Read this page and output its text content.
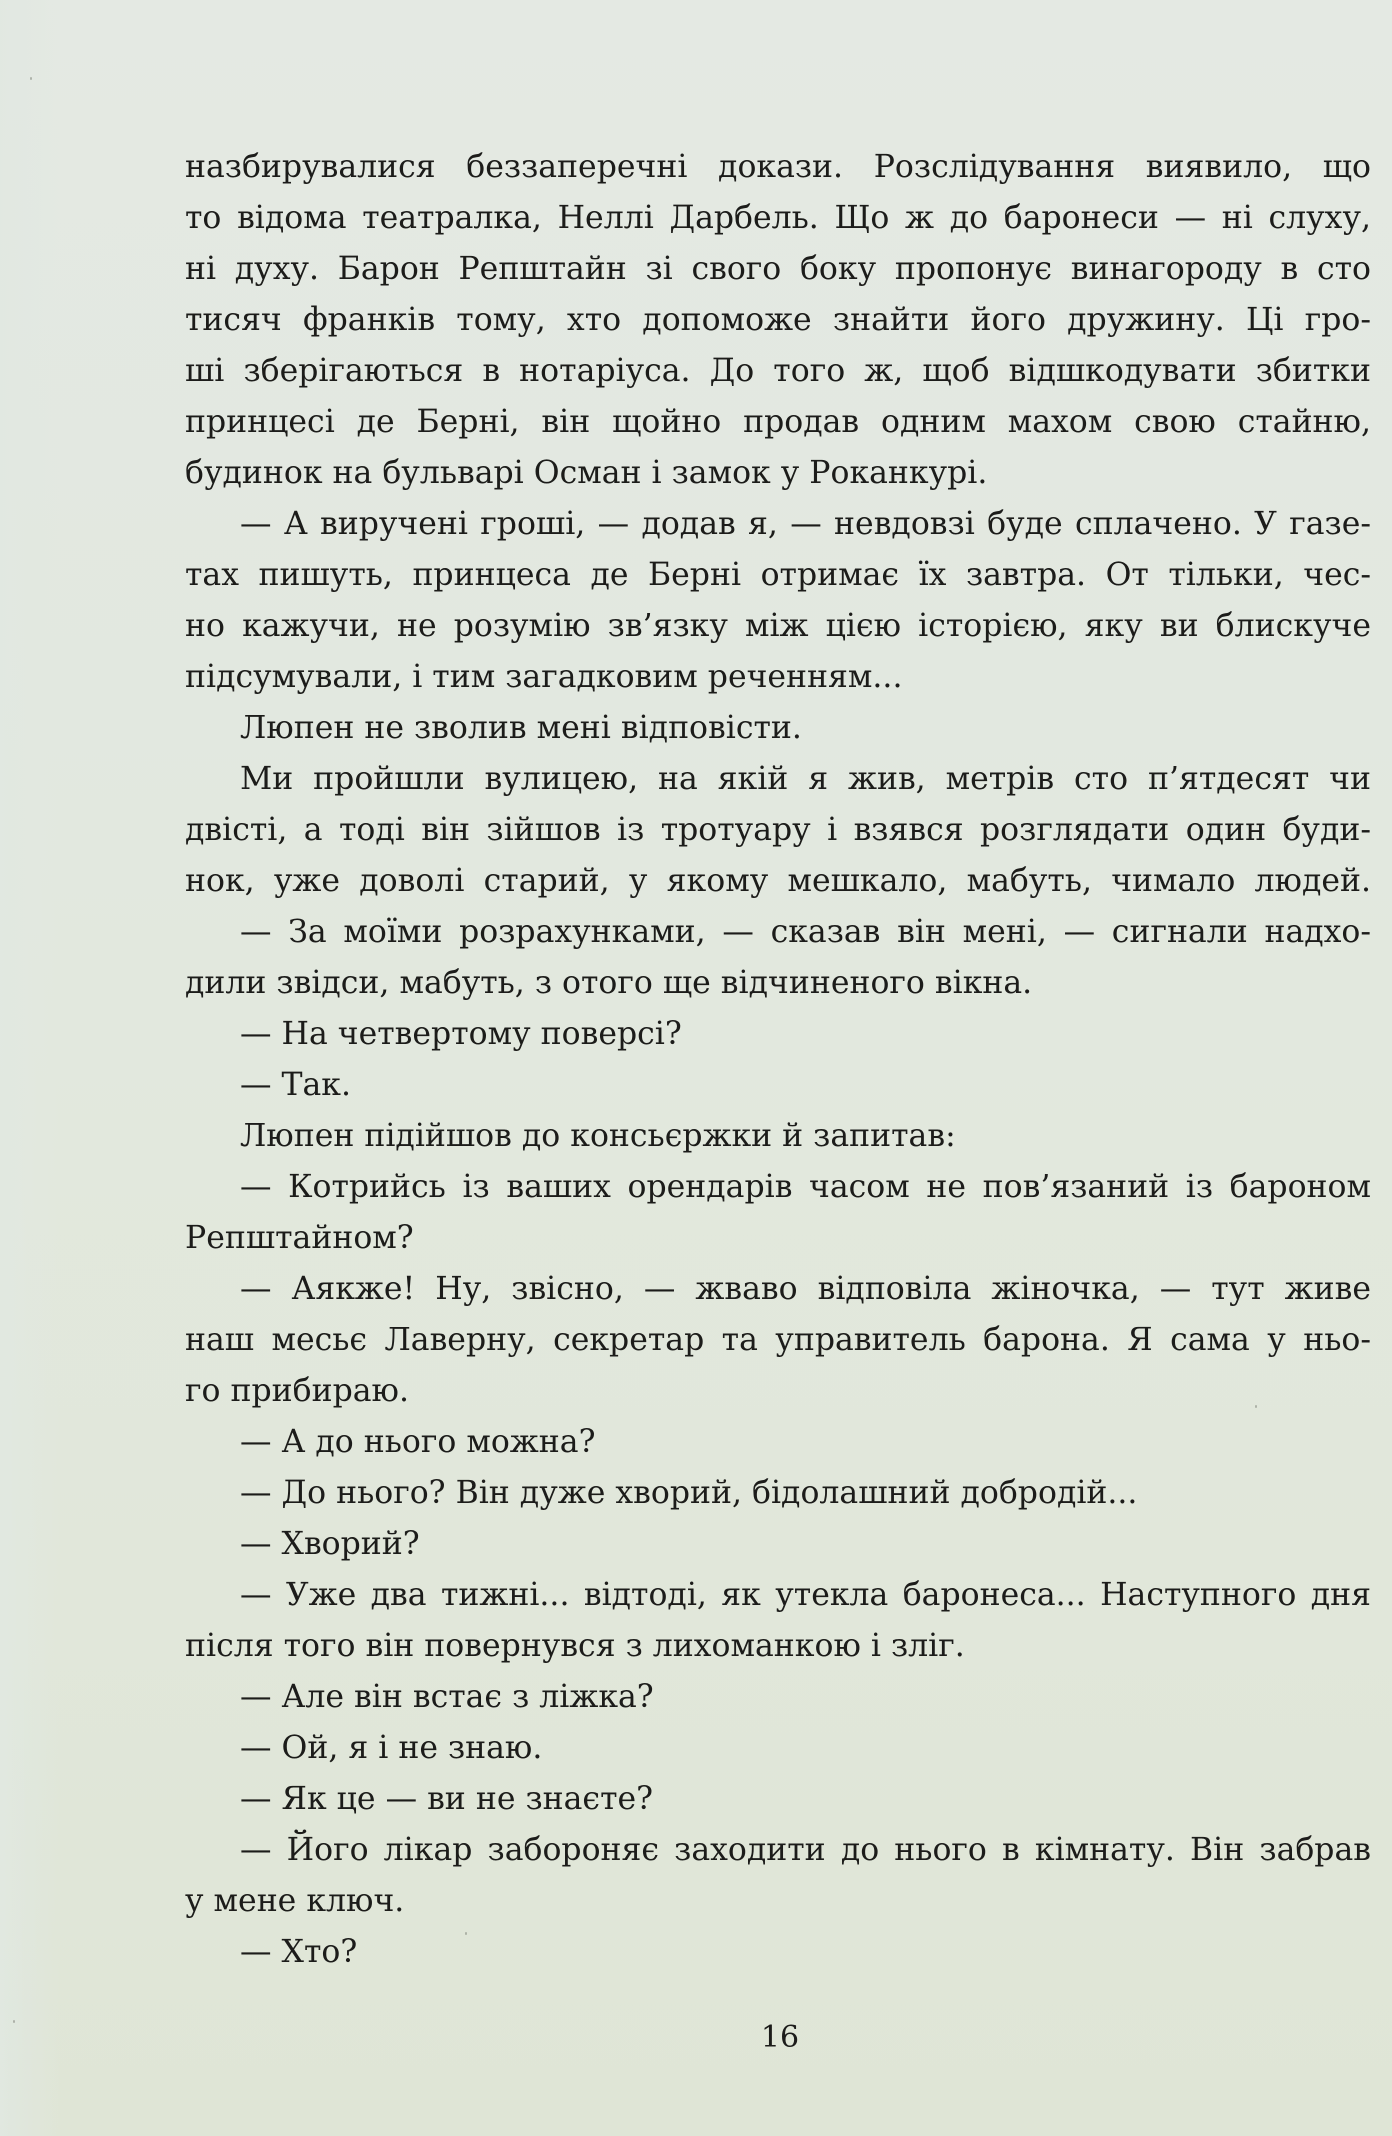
назбирувалися беззаперечні докази. Розслідування виявило, що
то відома театралка, Неллі Дарбель. Що ж до баронеси — ні слуху,
ні духу. Барон Репштайн зі свого боку пропонує винагороду в сто
тисяч франків тому, хто допоможе знайти його дружину. Ці гро-
ші зберігаються в нотаріуса. До того ж, щоб відшкодувати збитки
принцесі де Берні, він щойно продав одним махом свою стайню,
будинок на бульварі Осман і замок у Роканкурі.
— А виручені гроші, — додав я, — невдовзі буде сплачено. У газе-
тах пишуть, принцеса де Берні отримає їх завтра. От тільки, чес-
но кажучи, не розумію зв’язку між цією історією, яку ви блискуче
підсумували, і тим загадковим реченням...
Люпен не зволив мені відповісти.
Ми пройшли вулицею, на якій я жив, метрів сто п’ятдесят чи
двісті, а тоді він зійшов із тротуару і взявся розглядати один буди-
нок, уже доволі старий, у якому мешкало, мабуть, чимало людей.
— За моїми розрахунками, — сказав він мені, — сигнали надхо-
дили звідси, мабуть, з отого ще відчиненого вікна.
— На четвертому поверсі?
— Так.
Люпен підійшов до консьєржки й запитав:
— Котрийсь із ваших орендарів часом не пов’язаний із бароном
Репштайном?
— Аякже! Ну, звісно, — жваво відповіла жіночка, — тут живе
наш месьє Лаверну, секретар та управитель барона. Я сама у ньо-
го прибираю.
— А до нього можна?
— До нього? Він дуже хворий, бідолашний добродій...
— Хворий?
— Уже два тижні... відтоді, як утекла баронеса... Наступного дня
після того він повернувся з лихоманкою і зліг.
— Але він встає з ліжка?
— Ой, я і не знаю.
— Як це — ви не знаєте?
— Його лікар забороняє заходити до нього в кімнату. Він забрав
у мене ключ.
— Хто?
16
